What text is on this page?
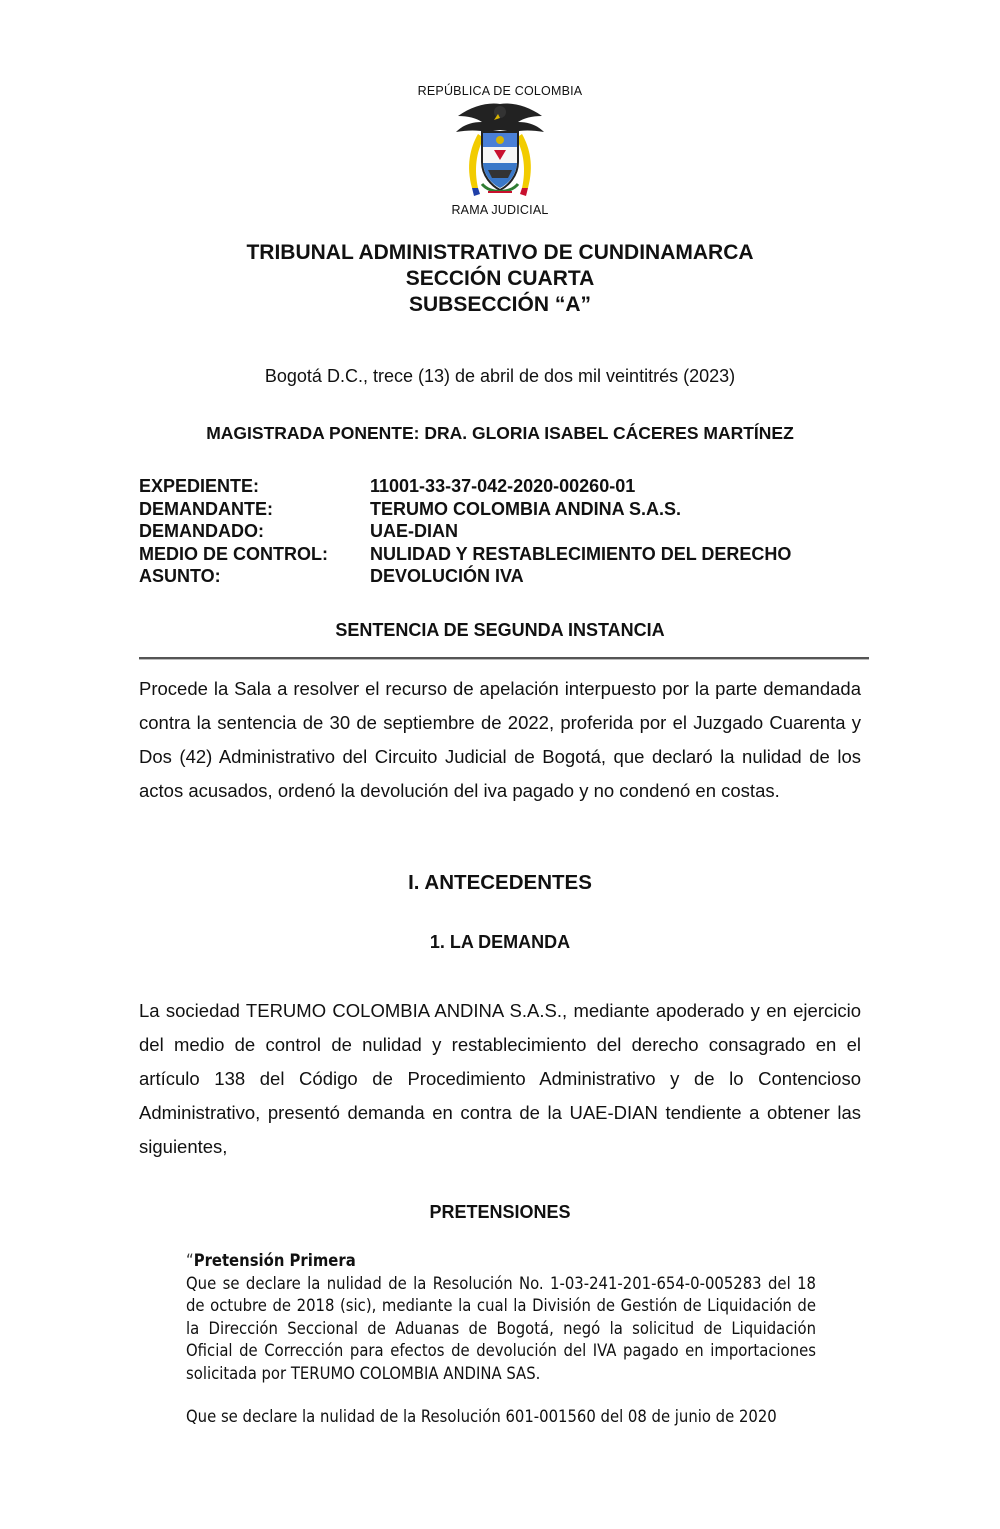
REPÚBLICA DE COLOMBIA
RAMA JUDICIAL
TRIBUNAL ADMINISTRATIVO DE CUNDINAMARCA
SECCIÓN CUARTA
SUBSECCIÓN “A”
Bogotá D.C., trece (13) de abril de dos mil veintitrés (2023)
MAGISTRADA PONENTE: DRA. GLORIA ISABEL CÁCERES MARTÍNEZ
EXPEDIENTE:	11001-33-37-042-2020-00260-01
DEMANDANTE:	TERUMO COLOMBIA ANDINA S.A.S.
DEMANDADO:	UAE-DIAN
MEDIO DE CONTROL:	NULIDAD Y RESTABLECIMIENTO DEL DERECHO
ASUNTO:	DEVOLUCIÓN IVA
SENTENCIA DE SEGUNDA INSTANCIA

Procede la Sala a resolver el recurso de apelación interpuesto por la parte demandada contra la sentencia de 30 de septiembre de 2022, proferida por el Juzgado Cuarenta y Dos (42) Administrativo del Circuito Judicial de Bogotá, que declaró la nulidad de los actos acusados, ordenó la devolución del iva pagado y no condenó en costas.

I. ANTECEDENTES
1. LA DEMANDA

La sociedad TERUMO COLOMBIA ANDINA S.A.S., mediante apoderado y en ejercicio del medio de control de nulidad y restablecimiento del derecho consagrado en el artículo 138 del Código de Procedimiento Administrativo y de lo Contencioso Administrativo, presentó demanda en contra de la UAE-DIAN tendiente a obtener las siguientes,

PRETENSIONES
“Pretensión Primera
Que se declare la nulidad de la Resolución No. 1-03-241-201-654-0-005283 del 18 de octubre de 2018 (sic), mediante la cual la División de Gestión de Liquidación de la Dirección Seccional de Aduanas de Bogotá, negó la solicitud de Liquidación Oficial de Corrección para efectos de devolución del IVA pagado en importaciones solicitada por TERUMO COLOMBIA ANDINA SAS.
Que se declare la nulidad de la Resolución 601-001560 del 08 de junio de 2020
